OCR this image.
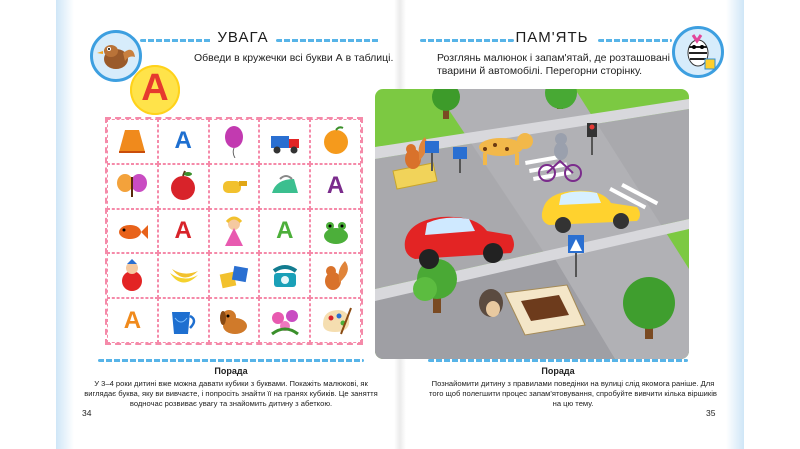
УВАГА
Обведи в кружечки всі букви А в таблиці.
А
А
А
А	А
А
Порада
У 3–4 роки дитині вже можна давати кубики з буквами. Покажіть малюкові, як
виглядає буква, яку ви вивчаєте, і попросіть знайти її на гранях кубиків. Це заняття
водночас розвиває увагу та знайомить дитину з абеткою.
34
ПАМ'ЯТЬ
Розглянь малюнок і запам'ятай, де розташовані
тварини й автомобілі. Перегорни сторінку.
Порада
Познайомити дитину з правилами поведінки на вулиці слід якомога раніше. Для
того щоб полегшити процес запам'ятовування, спробуйте вивчити кілька віршиків
на цю тему.
35
